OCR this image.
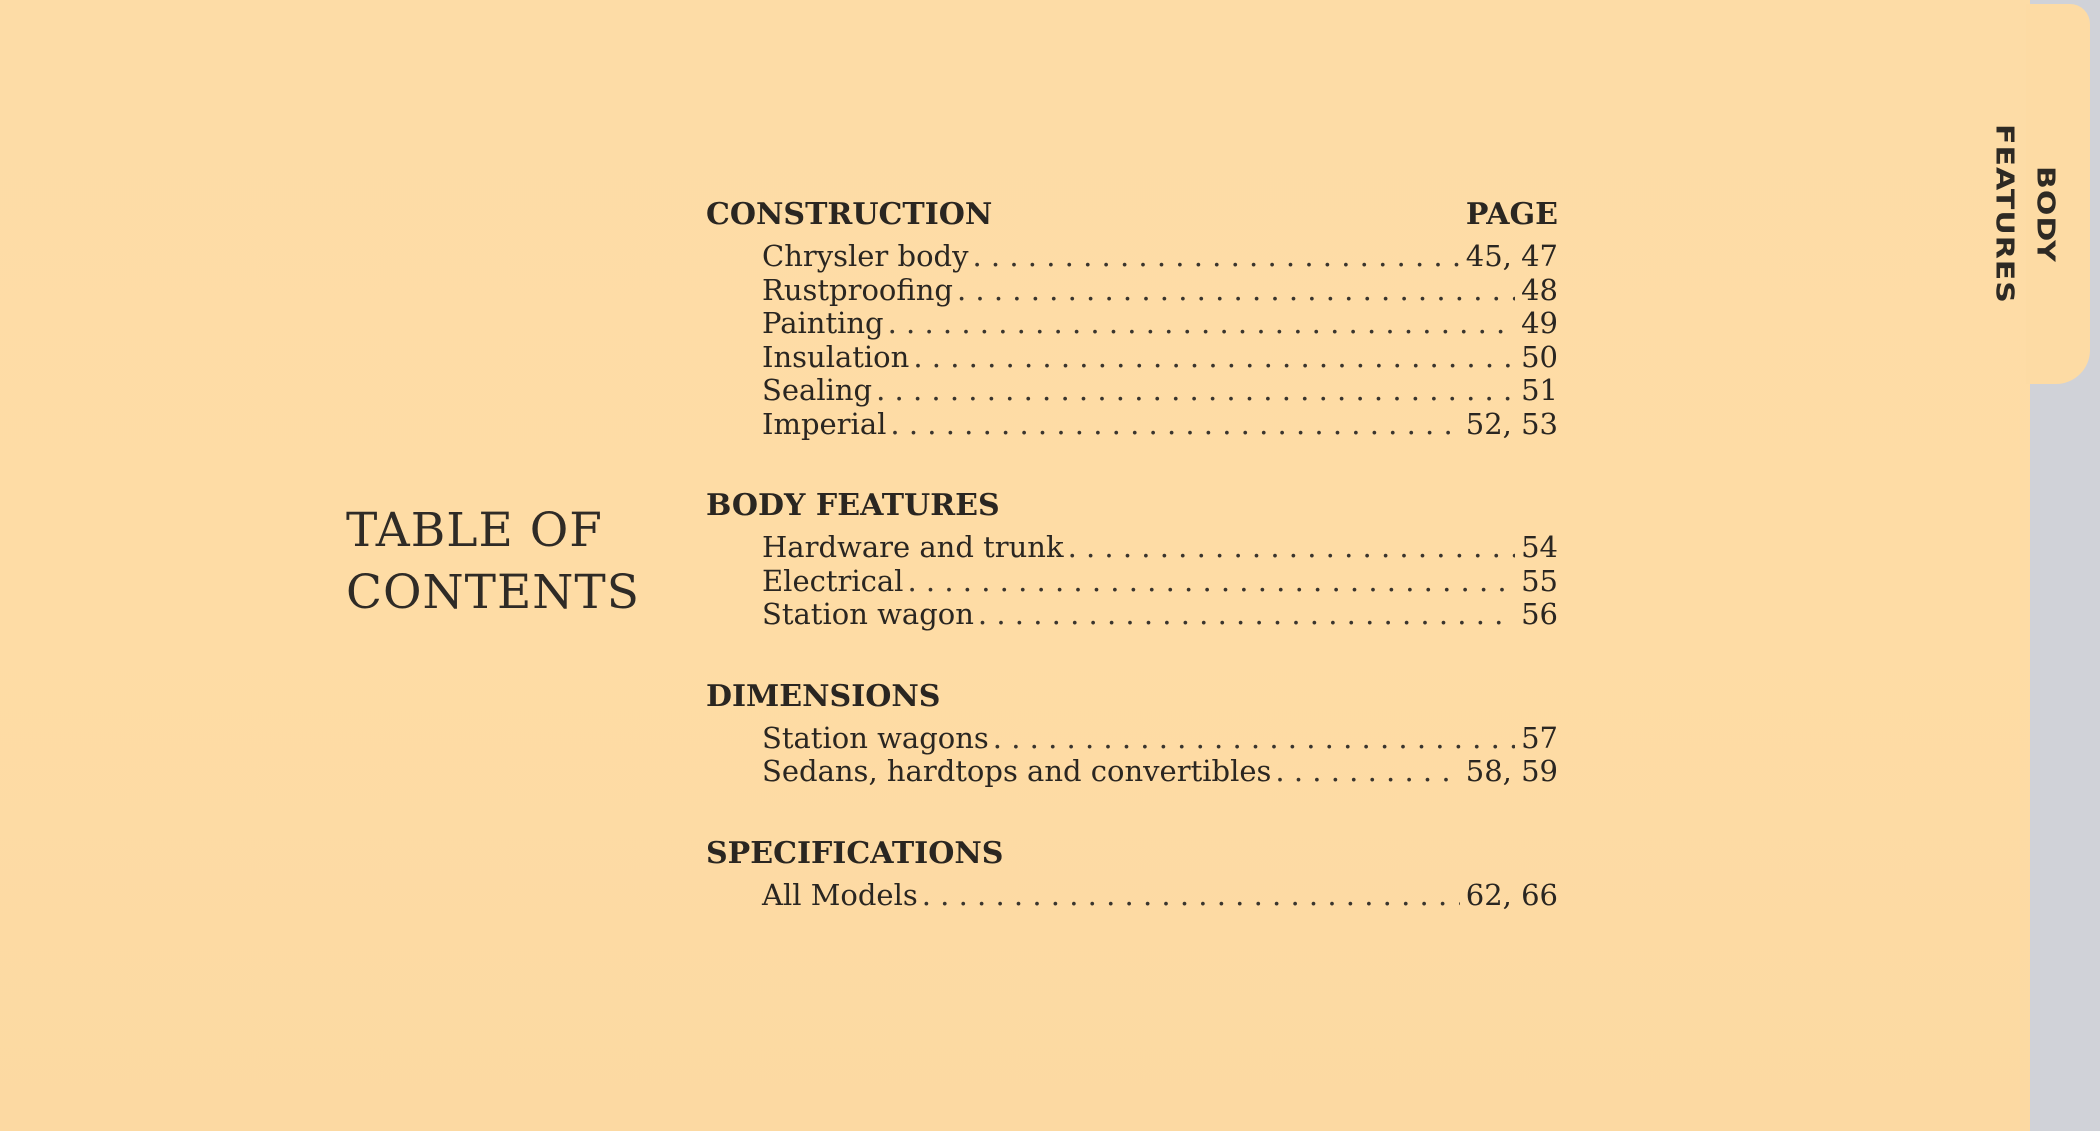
BODY FEATURES
TABLE OF
CONTENTS
CONSTRUCTION	PAGE
Chrysler body . . .	45, 47
Rustproofing . . .	48
Painting . . .	49
Insulation . . .	50
Sealing . . .	51
Imperial . . .	52, 53
BODY FEATURES
Hardware and trunk . . .	54
Electrical . . .	55
Station wagon . . .	56
DIMENSIONS
Station wagons . . .	57
Sedans, hardtops and convertibles . . .	58, 59
SPECIFICATIONS
All Models . . .	62, 66
